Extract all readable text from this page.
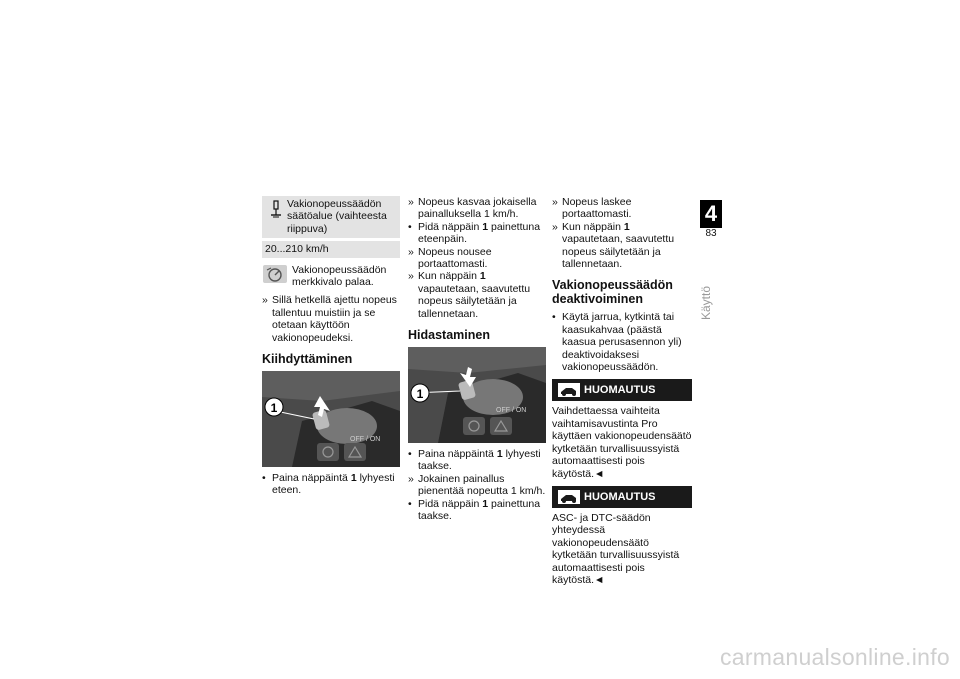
Vakionopeussäädön säätöalue (vaihteesta riippuva)
20...210 km/h
Vakionopeussäädön merkkivalo palaa.
» Sillä hetkellä ajettu nopeus tallentuu muistiin ja se otetaan käyttöön vakionopeudeksi.
Kiihdyttäminen
OFF / ON
1
• Paina näppäintä 1 lyhyesti eteen.
» Nopeus kasvaa jokaisella painalluksella 1 km/h.
• Pidä näppäin 1 painettuna eteenpäin.
» Nopeus nousee portaattomasti.
» Kun näppäin 1 vapautetaan, saavutettu nopeus säilytetään ja tallennetaan.
Hidastaminen
OFF / ON
1
• Paina näppäintä 1 lyhyesti taakse.
» Jokainen painallus pienentää nopeutta 1 km/h.
• Pidä näppäin 1 painettuna taakse.
» Nopeus laskee portaattomasti.
» Kun näppäin 1 vapautetaan, saavutettu nopeus säilytetään ja tallennetaan.
Vakionopeussäädön deaktivoiminen
• Käytä jarrua, kytkintä tai kaasukahvaa (päästä kaasua perusasennon yli) deaktivoidaksesi vakionopeussäädön.
HUOMAUTUS
Vaihdettaessa vaihteita vaihtamisavustinta Pro käyttäen vakionopeudensäätö kytketään turvallisuussyistä automaattisesti pois käytöstä.◄
HUOMAUTUS
ASC- ja DTC-säädön yhteydessä vakionopeudensäätö kytketään turvallisuussyistä automaattisesti pois käytöstä.◄
4
83
Käyttö
carmanualsonline.info
